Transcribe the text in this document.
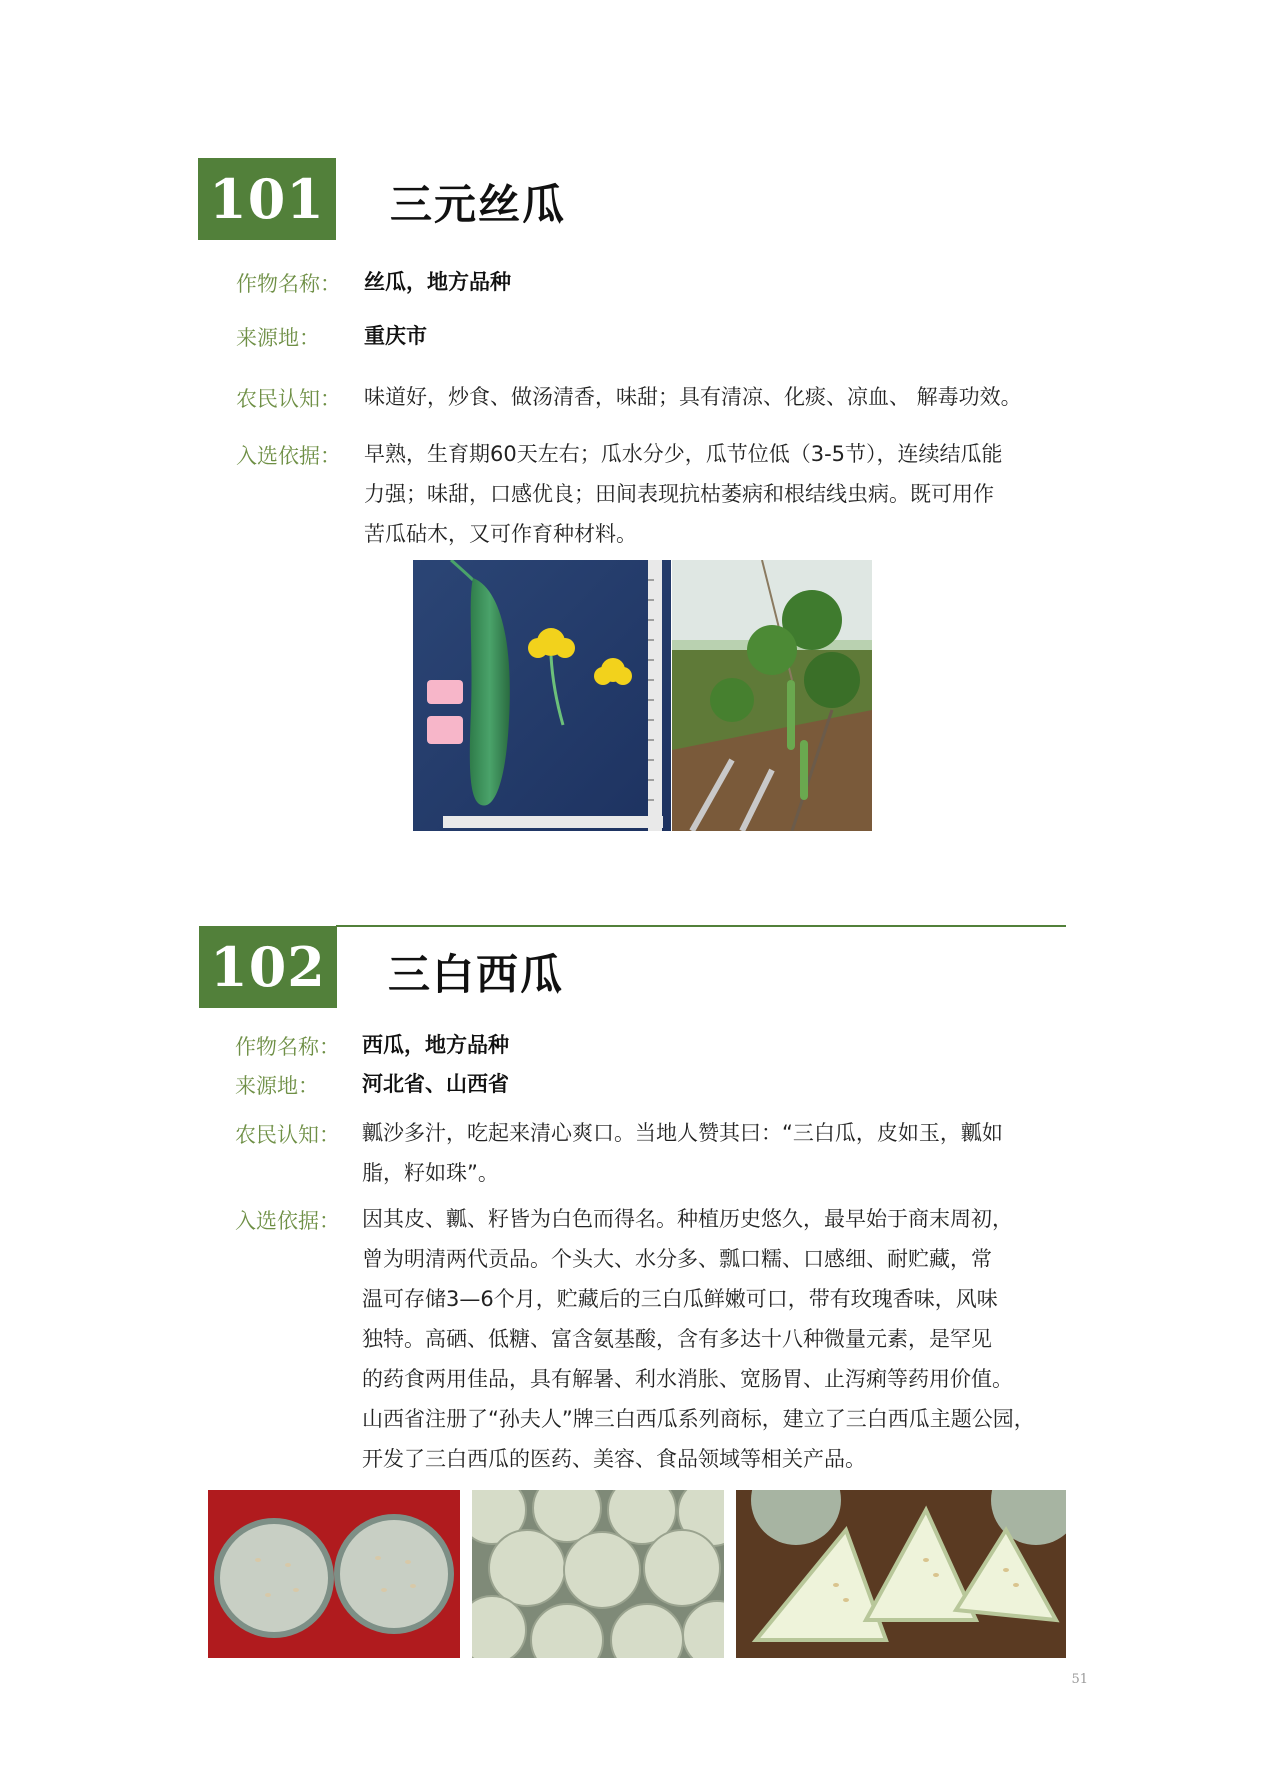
101 三元丝瓜
作物名称： 丝瓜，地方品种
来源地： 重庆市
农民认知： 味道好，炒食、做汤清香，味甜；具有清凉、化痰、凉血、 解毒功效。
入选依据： 早熟，生育期60天左右；瓜水分少，瓜节位低（3-5节），连续结瓜能
力强；味甜，口感优良；田间表现抗枯萎病和根结线虫病。既可用作
苦瓜砧木，又可作育种材料。
102 三白西瓜
作物名称： 西瓜，地方品种
来源地： 河北省、山西省
农民认知： 瓤沙多汁，吃起来清心爽口。当地人赞其曰：“三白瓜，皮如玉，瓤如
脂，籽如珠”。
入选依据： 因其皮、瓤、籽皆为白色而得名。种植历史悠久，最早始于商末周初，
曾为明清两代贡品。个头大、水分多、瓢口糯、口感细、耐贮藏，常
温可存储3—6个月，贮藏后的三白瓜鲜嫩可口，带有玫瑰香味，风味
独特。高硒、低糖、富含氨基酸，含有多达十八种微量元素，是罕见
的药食两用佳品，具有解暑、利水消胀、宽肠胃、止泻痢等药用价值。
山西省注册了“孙夫人”牌三白西瓜系列商标，建立了三白西瓜主题公园，
开发了三白西瓜的医药、美容、食品领域等相关产品。
51
